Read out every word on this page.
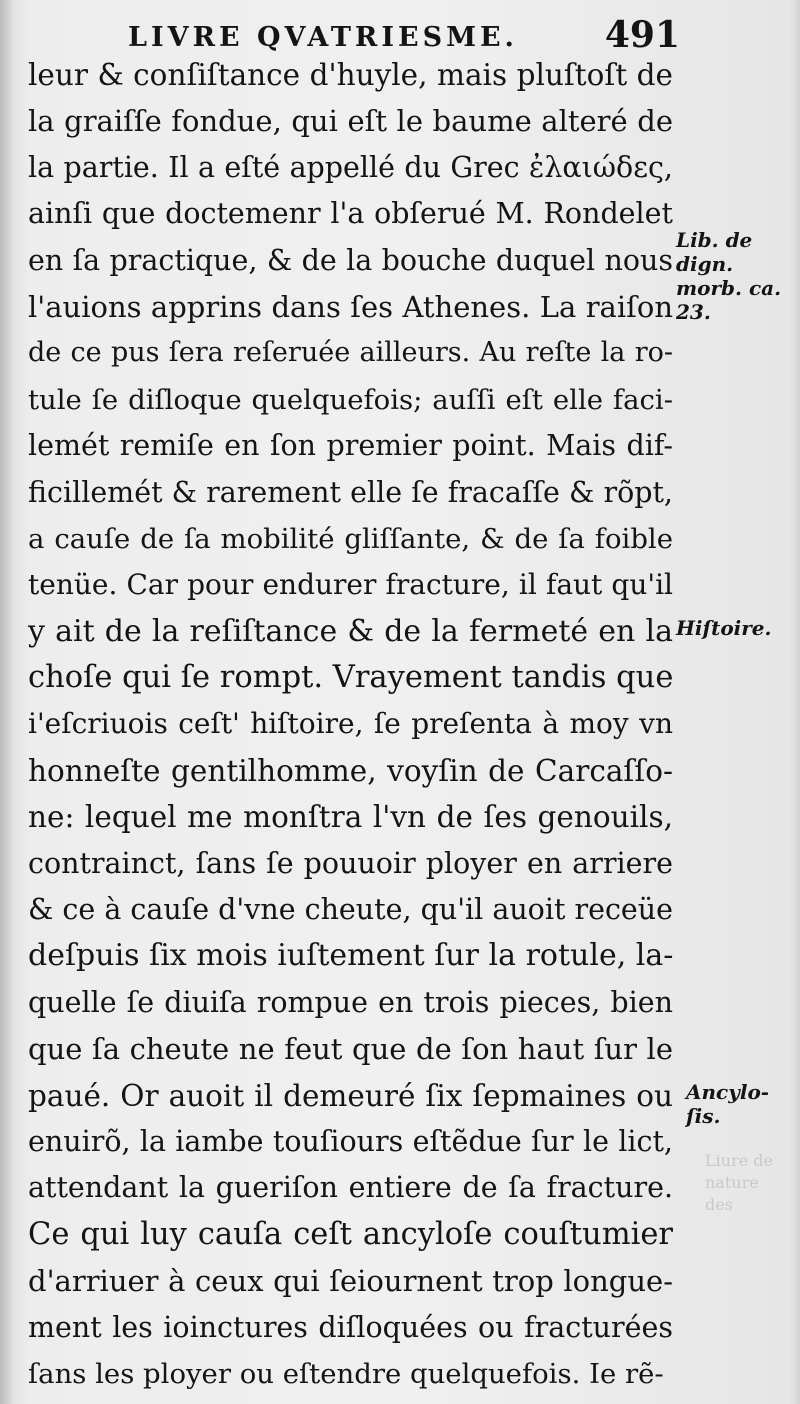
LIVRE QVATRIESME. 491
leur & conſiſtance d'huyle, mais pluſtoſt de
la graiſſe fondue, qui eſt le baume alteré de
la partie. Il a eſté appellé du Grec ἐλαιώδες,
ainſi que doctemenr l'a obſerué M. Rondelet
en ſa practique, & de la bouche duquel nous
l'auions apprins dans ſes Athenes. La raiſon
de ce pus ſera reſeruée ailleurs. Au reſte la ro-
tule ſe diſloque quelquefois; auſſi eſt elle faci-
lemét remiſe en ſon premier point. Mais dif-
ficillemét & rarement elle ſe fracaſſe & rõpt,
a cauſe de ſa mobilité gliſſante, & de ſa foible
tenüe. Car pour endurer fracture, il faut qu'il
y ait de la reſiſtance & de la fermeté en la
choſe qui ſe rompt. Vrayement tandis que
i'eſcriuois ceſt' hiſtoire, ſe preſenta à moy vn
honneſte gentilhomme, voyſin de Carcaſſo-
ne: lequel me monſtra l'vn de ſes genouils,
contrainct, ſans ſe pouuoir ployer en arriere
& ce à cauſe d'vne cheute, qu'il auoit receüe
deſpuis ſix mois iuſtement ſur la rotule, la-
quelle ſe diuiſa rompue en trois pieces, bien
que ſa cheute ne feut que de ſon haut ſur le
paué. Or auoit il demeuré ſix ſepmaines ou
enuirõ, la iambe touſiours eſtẽdue ſur le lict,
attendant la gueriſon entiere de ſa fracture.
Ce qui luy cauſa ceſt ancyloſe couſtumier
d'arriuer à ceux qui ſeiournent trop longue-
ment les ioinctures diſloquées ou fracturées
ſans les ployer ou eſtendre quelquefois. Ie rẽ-
Lib. de
dign.
morb. ca.
23.
Hiſtoire.
Ancylo-
ſis.
Liure de
nature
des
